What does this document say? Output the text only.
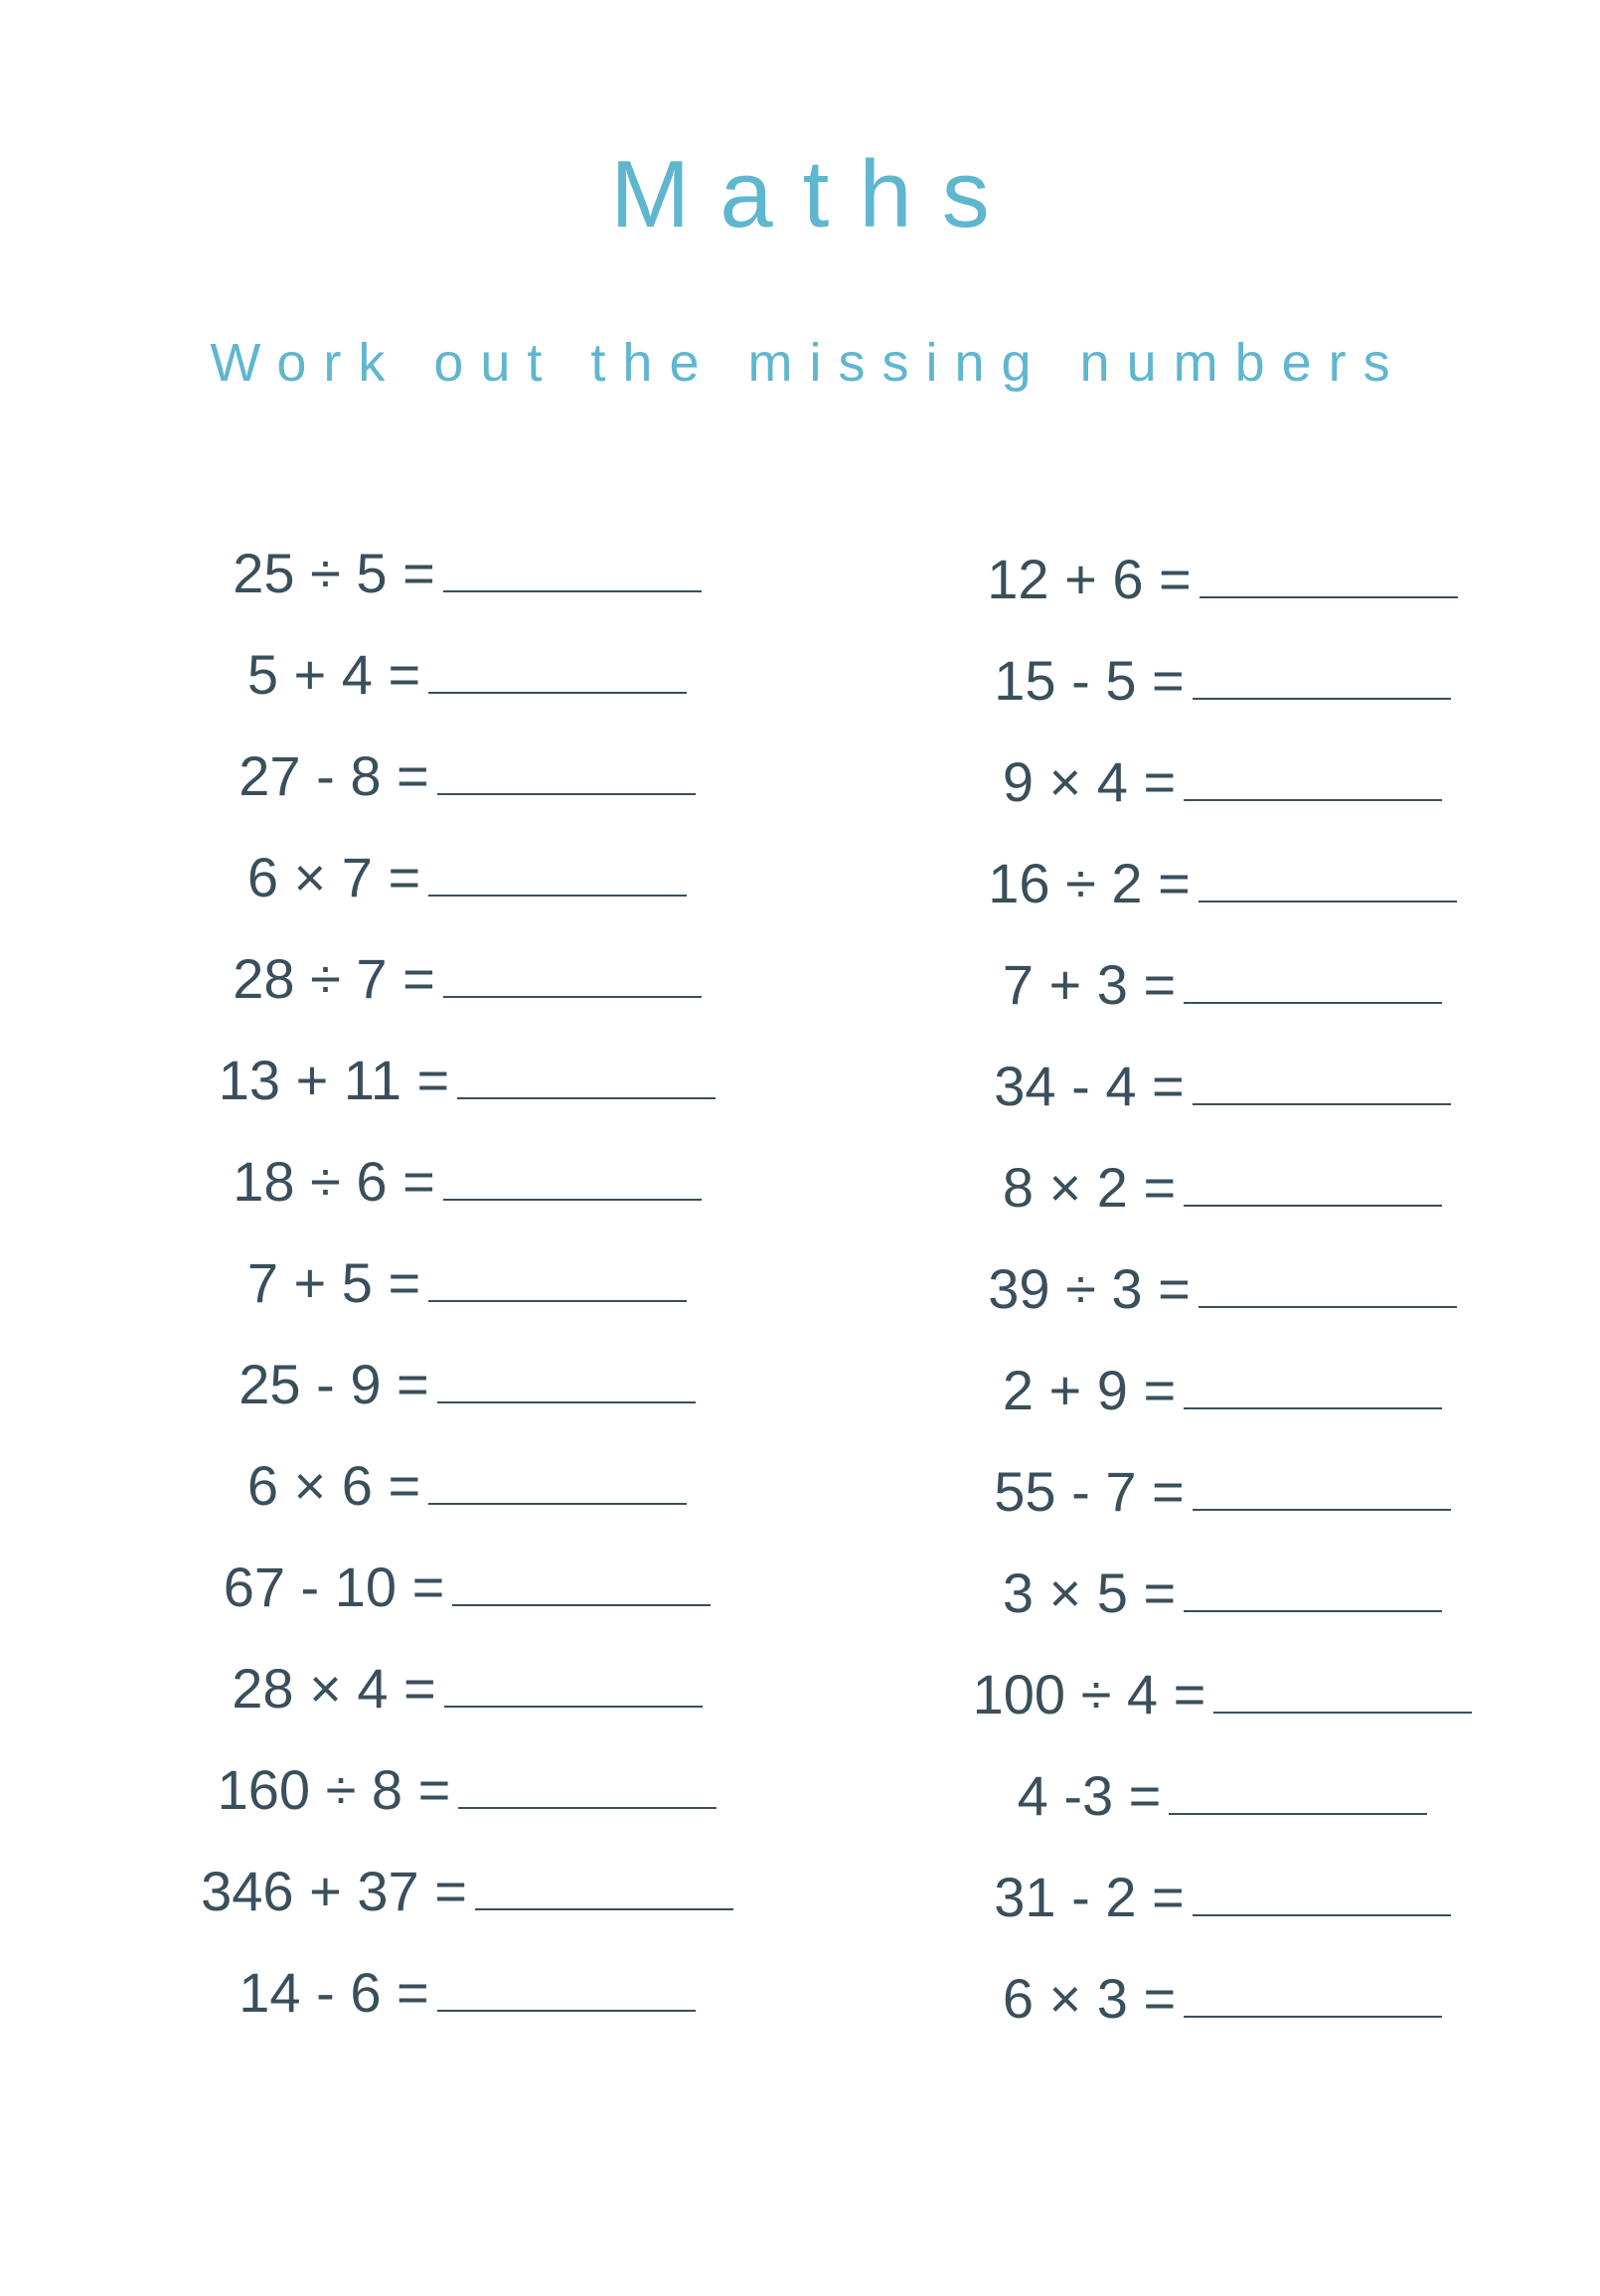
Maths
Work out the missing numbers
25 ÷ 5 =
5 + 4 =
27 - 8 =
6 × 7 =
28 ÷ 7 =
13 + 11 =
18 ÷ 6 =
7 + 5 =
25 - 9 =
6 × 6 =
67 - 10 =
28 × 4 =
160 ÷ 8 =
346 + 37 =
14 - 6 =
12 + 6 =
15 - 5 =
9 × 4 =
16 ÷ 2 =
7 + 3 =
34 - 4 =
8 × 2 =
39 ÷ 3 =
2 + 9 =
55 - 7 =
3 × 5 =
100 ÷ 4 =
4 -3 =
31 - 2 =
6 × 3 =
